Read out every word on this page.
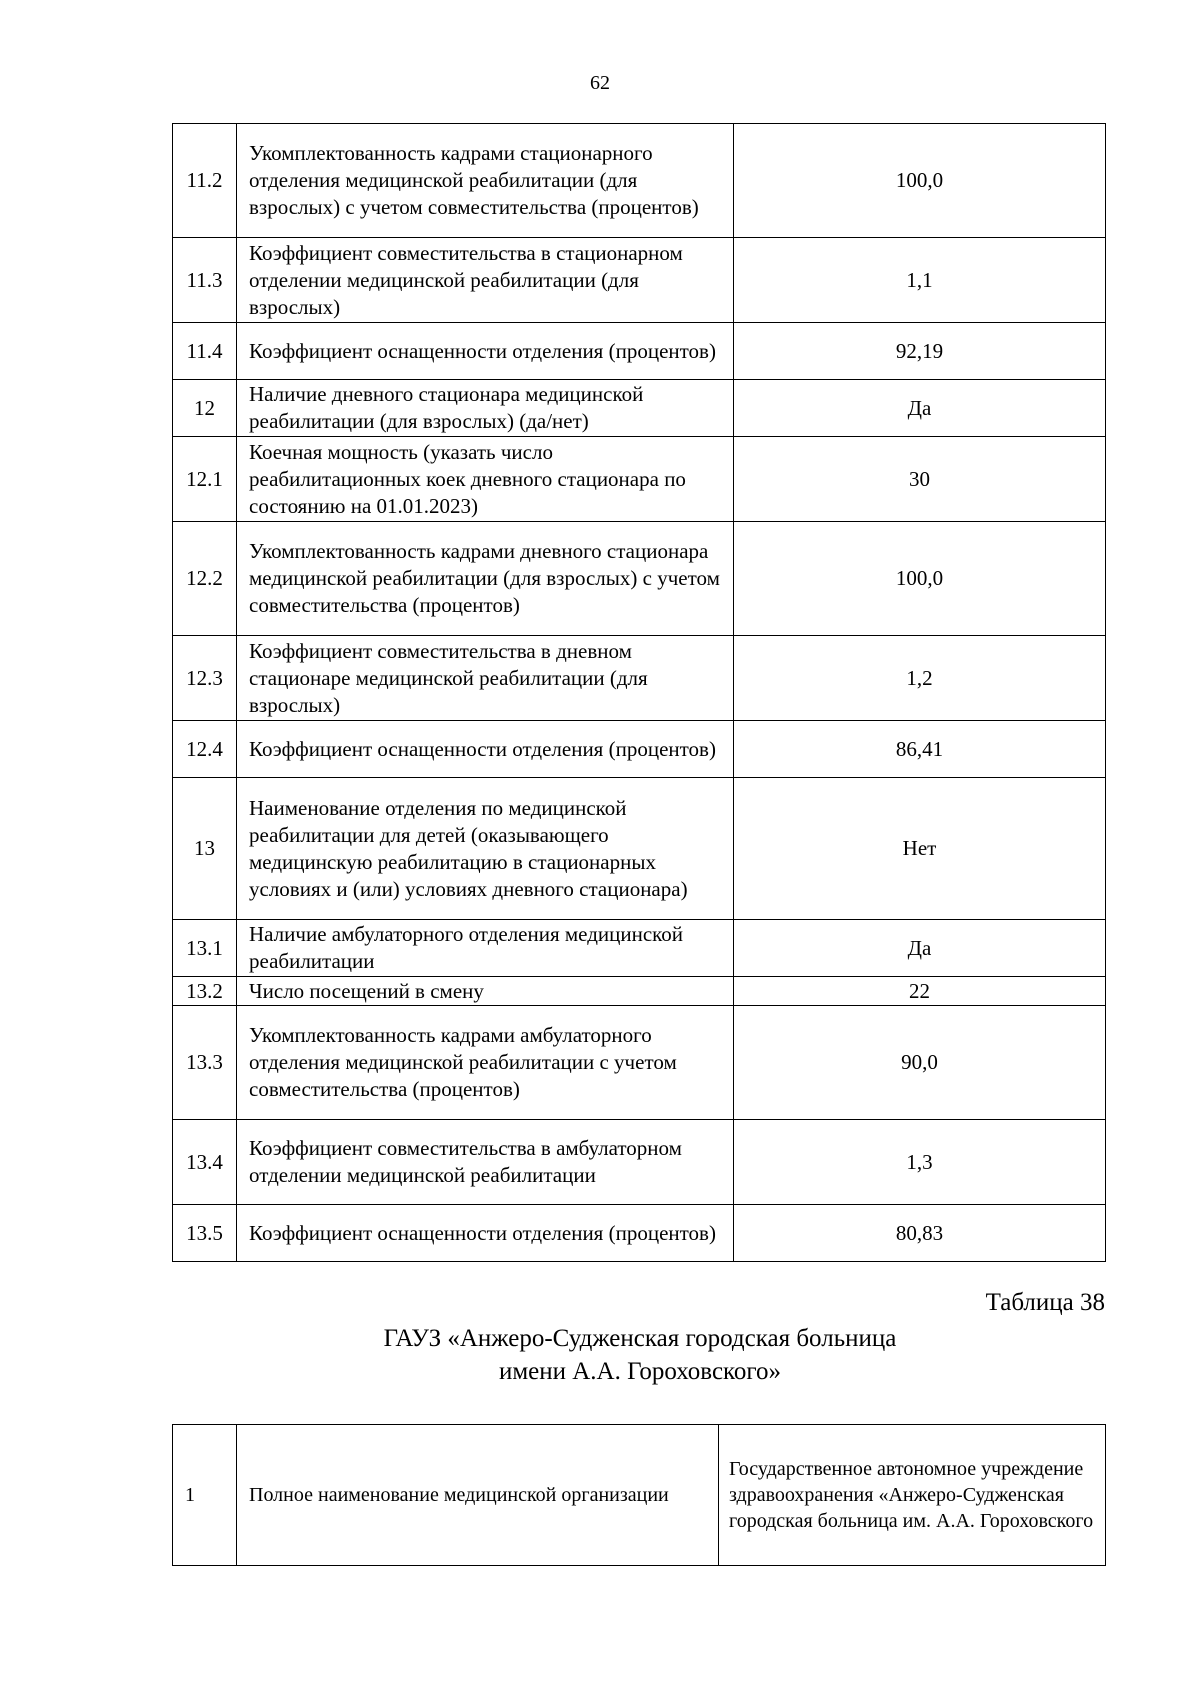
62
11.2	Укомплектованность кадрами стационарного отделения медицинской реабилитации (для взрослых) с учетом совместительства (процентов)	100,0
11.3	Коэффициент совместительства в стационарном отделении медицинской реабилитации (для взрослых)	1,1
11.4	Коэффициент оснащенности отделения (процентов)	92,19
12	Наличие дневного стационара медицинской реабилитации (для взрослых) (да/нет)	Да
12.1	Коечная мощность (указать число реабилитационных коек дневного стационара по состоянию на 01.01.2023)	30
12.2	Укомплектованность кадрами дневного стационара медицинской реабилитации (для взрослых) с учетом совместительства (процентов)	100,0
12.3	Коэффициент совместительства в дневном стационаре медицинской реабилитации (для взрослых)	1,2
12.4	Коэффициент оснащенности отделения (процентов)	86,41
13	Наименование отделения по медицинской реабилитации для детей (оказывающего медицинскую реабилитацию в стационарных условиях и (или) условиях дневного стационара)	Нет
13.1	Наличие амбулаторного отделения медицинской реабилитации	Да
13.2	Число посещений в смену	22
13.3	Укомплектованность кадрами амбулаторного отделения медицинской реабилитации с учетом совместительства (процентов)	90,0
13.4	Коэффициент совместительства в амбулаторном отделении медицинской реабилитации	1,3
13.5	Коэффициент оснащенности отделения (процентов)	80,83
Таблица 38
ГАУЗ «Анжеро-Судженская городская больница
имени А.А. Гороховского»
1	Полное наименование медицинской организации	Государственное автономное учреждение здравоохранения «Анжеро-Судженская городская больница им. А.А. Гороховского
